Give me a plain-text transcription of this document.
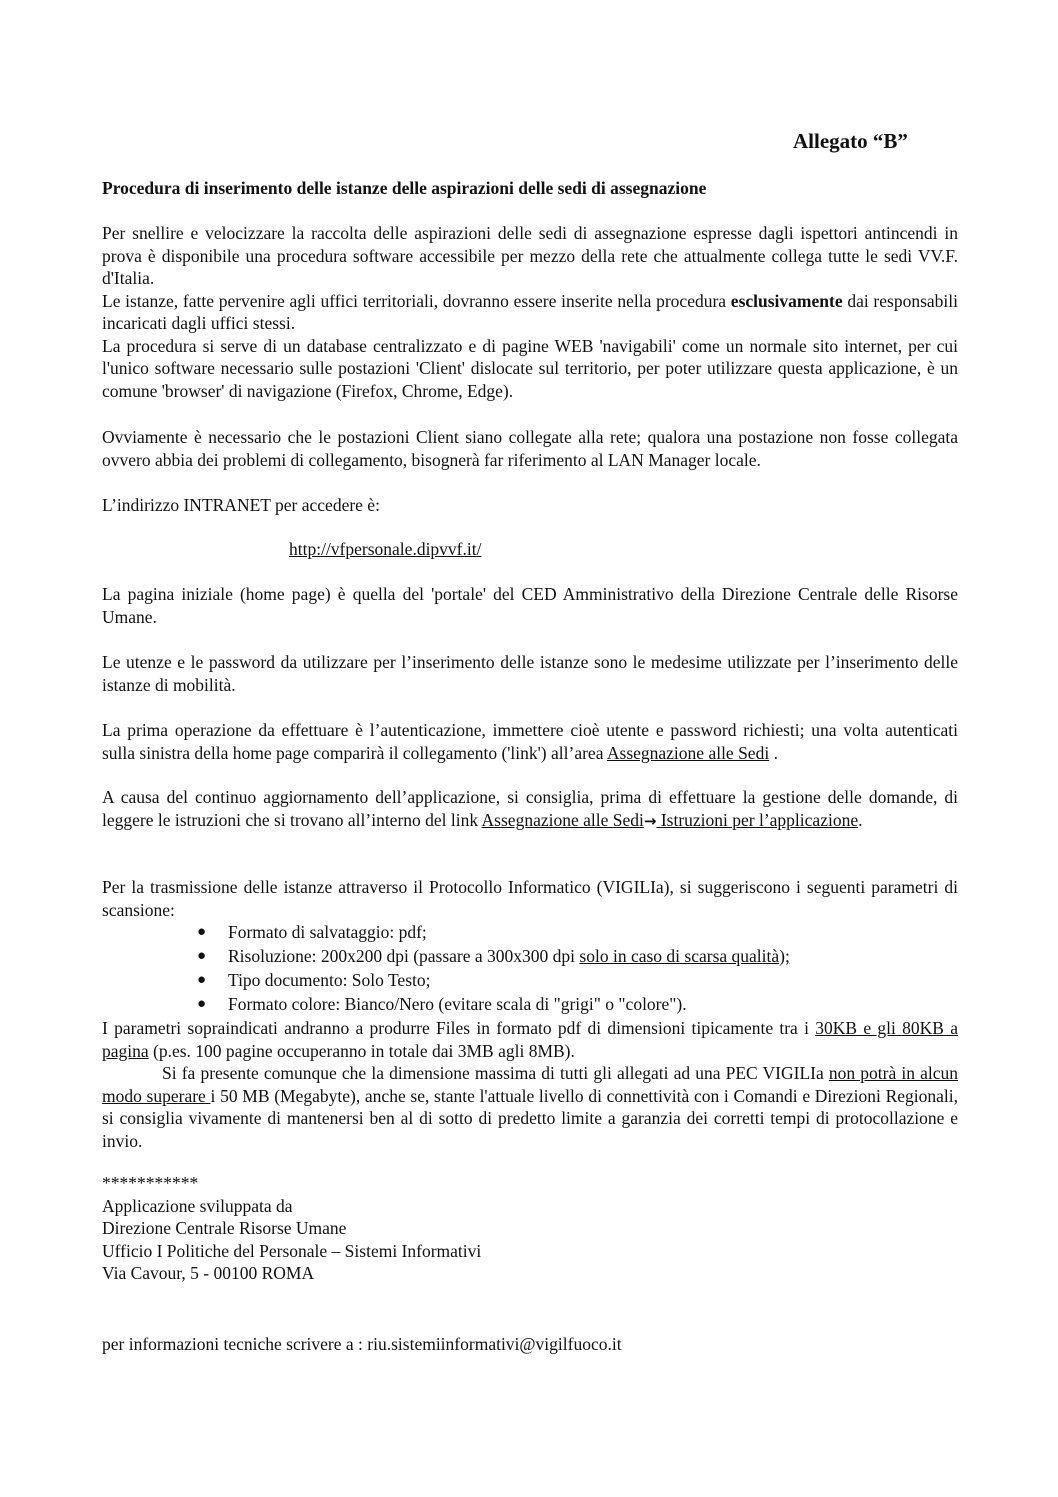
Allegato “B”
Procedura di inserimento delle istanze delle aspirazioni delle sedi di assegnazione

Per snellire e velocizzare la raccolta delle aspirazioni delle sedi di assegnazione espresse dagli ispettori antincendi in prova è disponibile una procedura software accessibile per mezzo della rete che attualmente collega tutte le sedi VV.F. d'Italia.

Le istanze, fatte pervenire agli uffici territoriali, dovranno essere inserite nella procedura esclusivamente dai responsabili incaricati dagli uffici stessi.

La procedura si serve di un database centralizzato e di pagine WEB 'navigabili' come un normale sito internet, per cui l'unico software necessario sulle postazioni 'Client' dislocate sul territorio, per poter utilizzare questa applicazione, è un comune 'browser' di navigazione (Firefox, Chrome, Edge).

Ovviamente è necessario che le postazioni Client siano collegate alla rete; qualora una postazione non fosse collegata ovvero abbia dei problemi di collegamento, bisognerà far riferimento al LAN Manager locale.
L’indirizzo INTRANET per accedere è:
http://vfpersonale.dipvvf.it/
La pagina iniziale (home page) è quella del 'portale' del CED Amministrativo della Direzione Centrale delle Risorse Umane.
Le utenze e le password da utilizzare per l’inserimento delle istanze sono le medesime utilizzate per l’inserimento delle istanze di mobilità.
La prima operazione da effettuare è l’autenticazione, immettere cioè utente e password richiesti; una volta autenticati sulla sinistra della home page comparirà il collegamento ('link') all’area Assegnazione alle Sedi .
A causa del continuo aggiornamento dell’applicazione, si consiglia, prima di effettuare la gestione delle domande, di leggere le istruzioni che si trovano all’interno del link Assegnazione alle Sedi→ Istruzioni per l’applicazione.

Per la trasmissione delle istanze attraverso il Protocollo Informatico (VIGILIa), si suggeriscono i seguenti parametri di scansione:

● Formato di salvataggio: pdf;
● Risoluzione: 200x200 dpi (passare a 300x300 dpi solo in caso di scarsa qualità);
● Tipo documento: Solo Testo;
● Formato colore: Bianco/Nero (evitare scala di "grigi" o "colore").

I parametri sopraindicati andranno a produrre Files in formato pdf di dimensioni tipicamente tra i 30KB e gli 80KB a pagina (p.es. 100 pagine occuperanno in totale dai 3MB agli 8MB).

Si fa presente comunque che la dimensione massima di tutti gli allegati ad una PEC VIGILIa non potrà in alcun modo superare i 50 MB (Megabyte), anche se, stante l'attuale livello di connettività con i Comandi e Direzioni Regionali, si consiglia vivamente di mantenersi ben al di sotto di predetto limite a garanzia dei corretti tempi di protocollazione e invio.

***********

Applicazione sviluppata da

Direzione Centrale Risorse Umane

Ufficio I Politiche del Personale – Sistemi Informativi

Via Cavour, 5 - 00100 ROMA

per informazioni tecniche scrivere a : riu.sistemiinformativi@vigilfuoco.it
